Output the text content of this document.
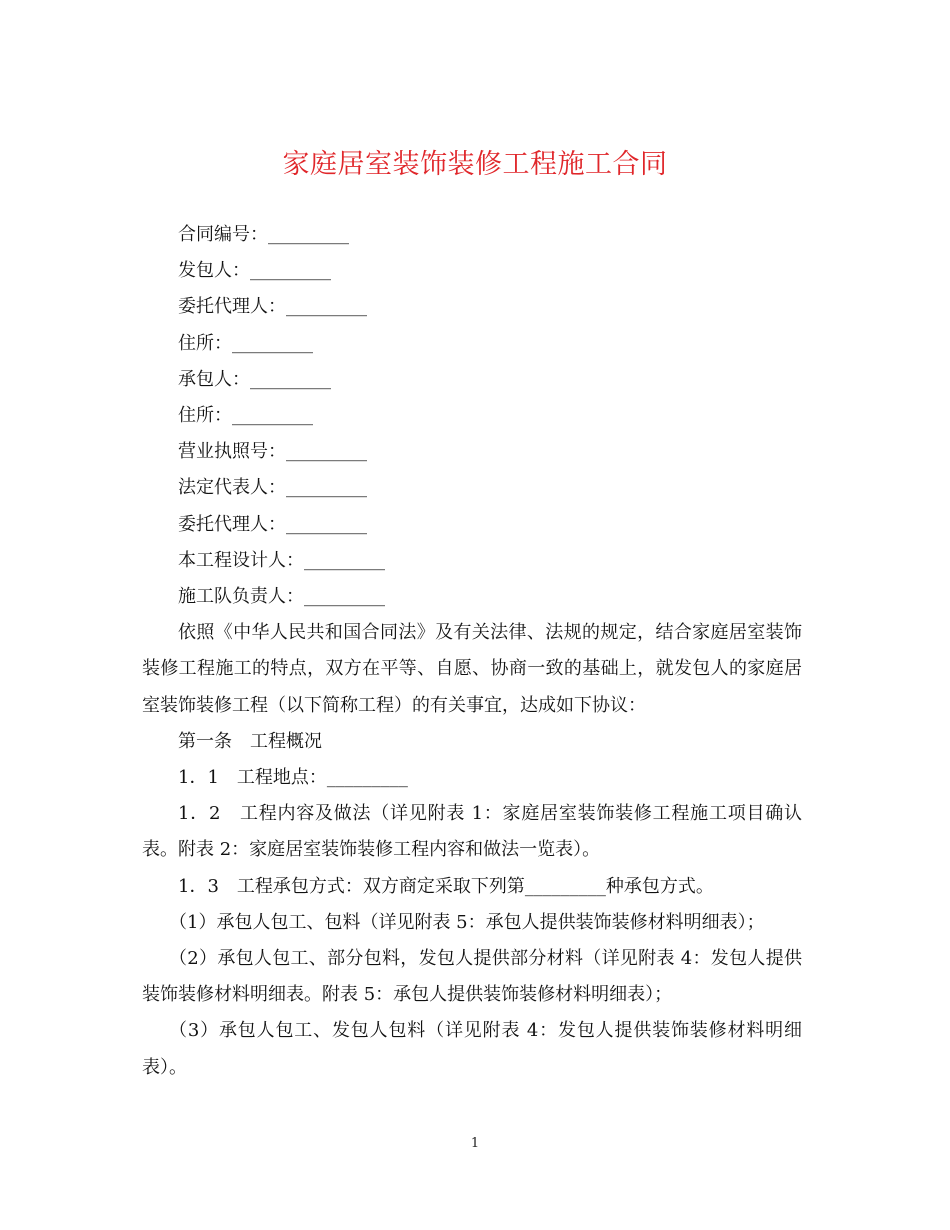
家庭居室装饰装修工程施工合同

合同编号：_________

发包人：_________

委托代理人：_________

住所：_________

承包人：_________

住所：_________

营业执照号：_________

法定代表人：_________

委托代理人：_________

本工程设计人：_________

施工队负责人：_________

依照《中华人民共和国合同法》及有关法律、法规的规定，结合家庭居室装饰装修工程施工的特点，双方在平等、自愿、协商一致的基础上，就发包人的家庭居室装饰装修工程（以下简称工程）的有关事宜，达成如下协议：

第一条　工程概况

1．1　工程地点：_________

1．2　工程内容及做法（详见附表 1：家庭居室装饰装修工程施工项目确认表。附表 2：家庭居室装饰装修工程内容和做法一览表）。

1．3　工程承包方式：双方商定采取下列第_________种承包方式。

（1）承包人包工、包料（详见附表 5：承包人提供装饰装修材料明细表）；

（2）承包人包工、部分包料，发包人提供部分材料（详见附表 4：发包人提供装饰装修材料明细表。附表 5：承包人提供装饰装修材料明细表）；

（3）承包人包工、发包人包料（详见附表 4：发包人提供装饰装修材料明细表）。

1
